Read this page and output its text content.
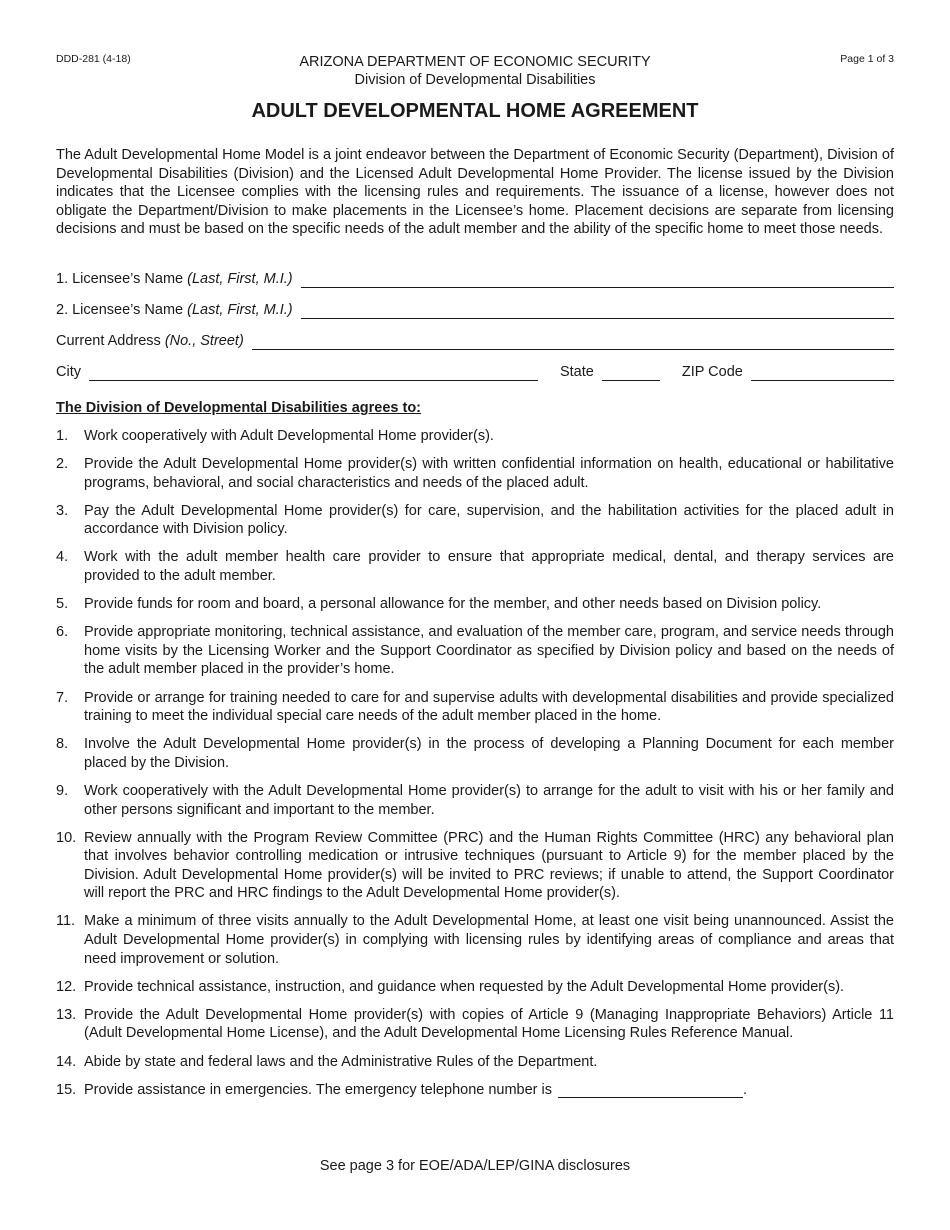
DDD-281 (4-18)	ARIZONA DEPARTMENT OF ECONOMIC SECURITY
Division of Developmental Disabilities
Page 1 of 3
ADULT DEVELOPMENTAL HOME AGREEMENT
The Adult Developmental Home Model is a joint endeavor between the Department of Economic Security (Department), Division of Developmental Disabilities (Division) and the Licensed Adult Developmental Home Provider. The license issued by the Division indicates that the Licensee complies with the licensing rules and requirements. The issuance of a license, however does not obligate the Department/Division to make placements in the Licensee’s home. Placement decisions are separate from licensing decisions and must be based on the specific needs of the adult member and the ability of the specific home to meet those needs.
1. Licensee’s Name (Last, First, M.I.)
2. Licensee’s Name (Last, First, M.I.)
Current Address (No., Street)
City	State	ZIP Code
The Division of Developmental Disabilities agrees to:
1. Work cooperatively with Adult Developmental Home provider(s).
2. Provide the Adult Developmental Home provider(s) with written confidential information on health, educational or habilitative programs, behavioral, and social characteristics and needs of the placed adult.
3. Pay the Adult Developmental Home provider(s) for care, supervision, and the habilitation activities for the placed adult in accordance with Division policy.
4. Work with the adult member health care provider to ensure that appropriate medical, dental, and therapy services are provided to the adult member.
5. Provide funds for room and board, a personal allowance for the member, and other needs based on Division policy.
6. Provide appropriate monitoring, technical assistance, and evaluation of the member care, program, and service needs through home visits by the Licensing Worker and the Support Coordinator as specified by Division policy and based on the needs of the adult member placed in the provider’s home.
7. Provide or arrange for training needed to care for and supervise adults with developmental disabilities and provide specialized training to meet the individual special care needs of the adult member placed in the home.
8. Involve the Adult Developmental Home provider(s) in the process of developing a Planning Document for each member placed by the Division.
9. Work cooperatively with the Adult Developmental Home provider(s) to arrange for the adult to visit with his or her family and other persons significant and important to the member.
10. Review annually with the Program Review Committee (PRC) and the Human Rights Committee (HRC) any behavioral plan that involves behavior controlling medication or intrusive techniques (pursuant to Article 9) for the member placed by the Division. Adult Developmental Home provider(s) will be invited to PRC reviews; if unable to attend, the Support Coordinator will report the PRC and HRC findings to the Adult Developmental Home provider(s).
11. Make a minimum of three visits annually to the Adult Developmental Home, at least one visit being unannounced. Assist the Adult Developmental Home provider(s) in complying with licensing rules by identifying areas of compliance and areas that need improvement or solution.
12. Provide technical assistance, instruction, and guidance when requested by the Adult Developmental Home provider(s).
13. Provide the Adult Developmental Home provider(s) with copies of Article 9 (Managing Inappropriate Behaviors) Article 11 (Adult Developmental Home License), and the Adult Developmental Home Licensing Rules Reference Manual.
14. Abide by state and federal laws and the Administrative Rules of the Department.
15. Provide assistance in emergencies. The emergency telephone number is	.
See page 3 for EOE/ADA/LEP/GINA disclosures
